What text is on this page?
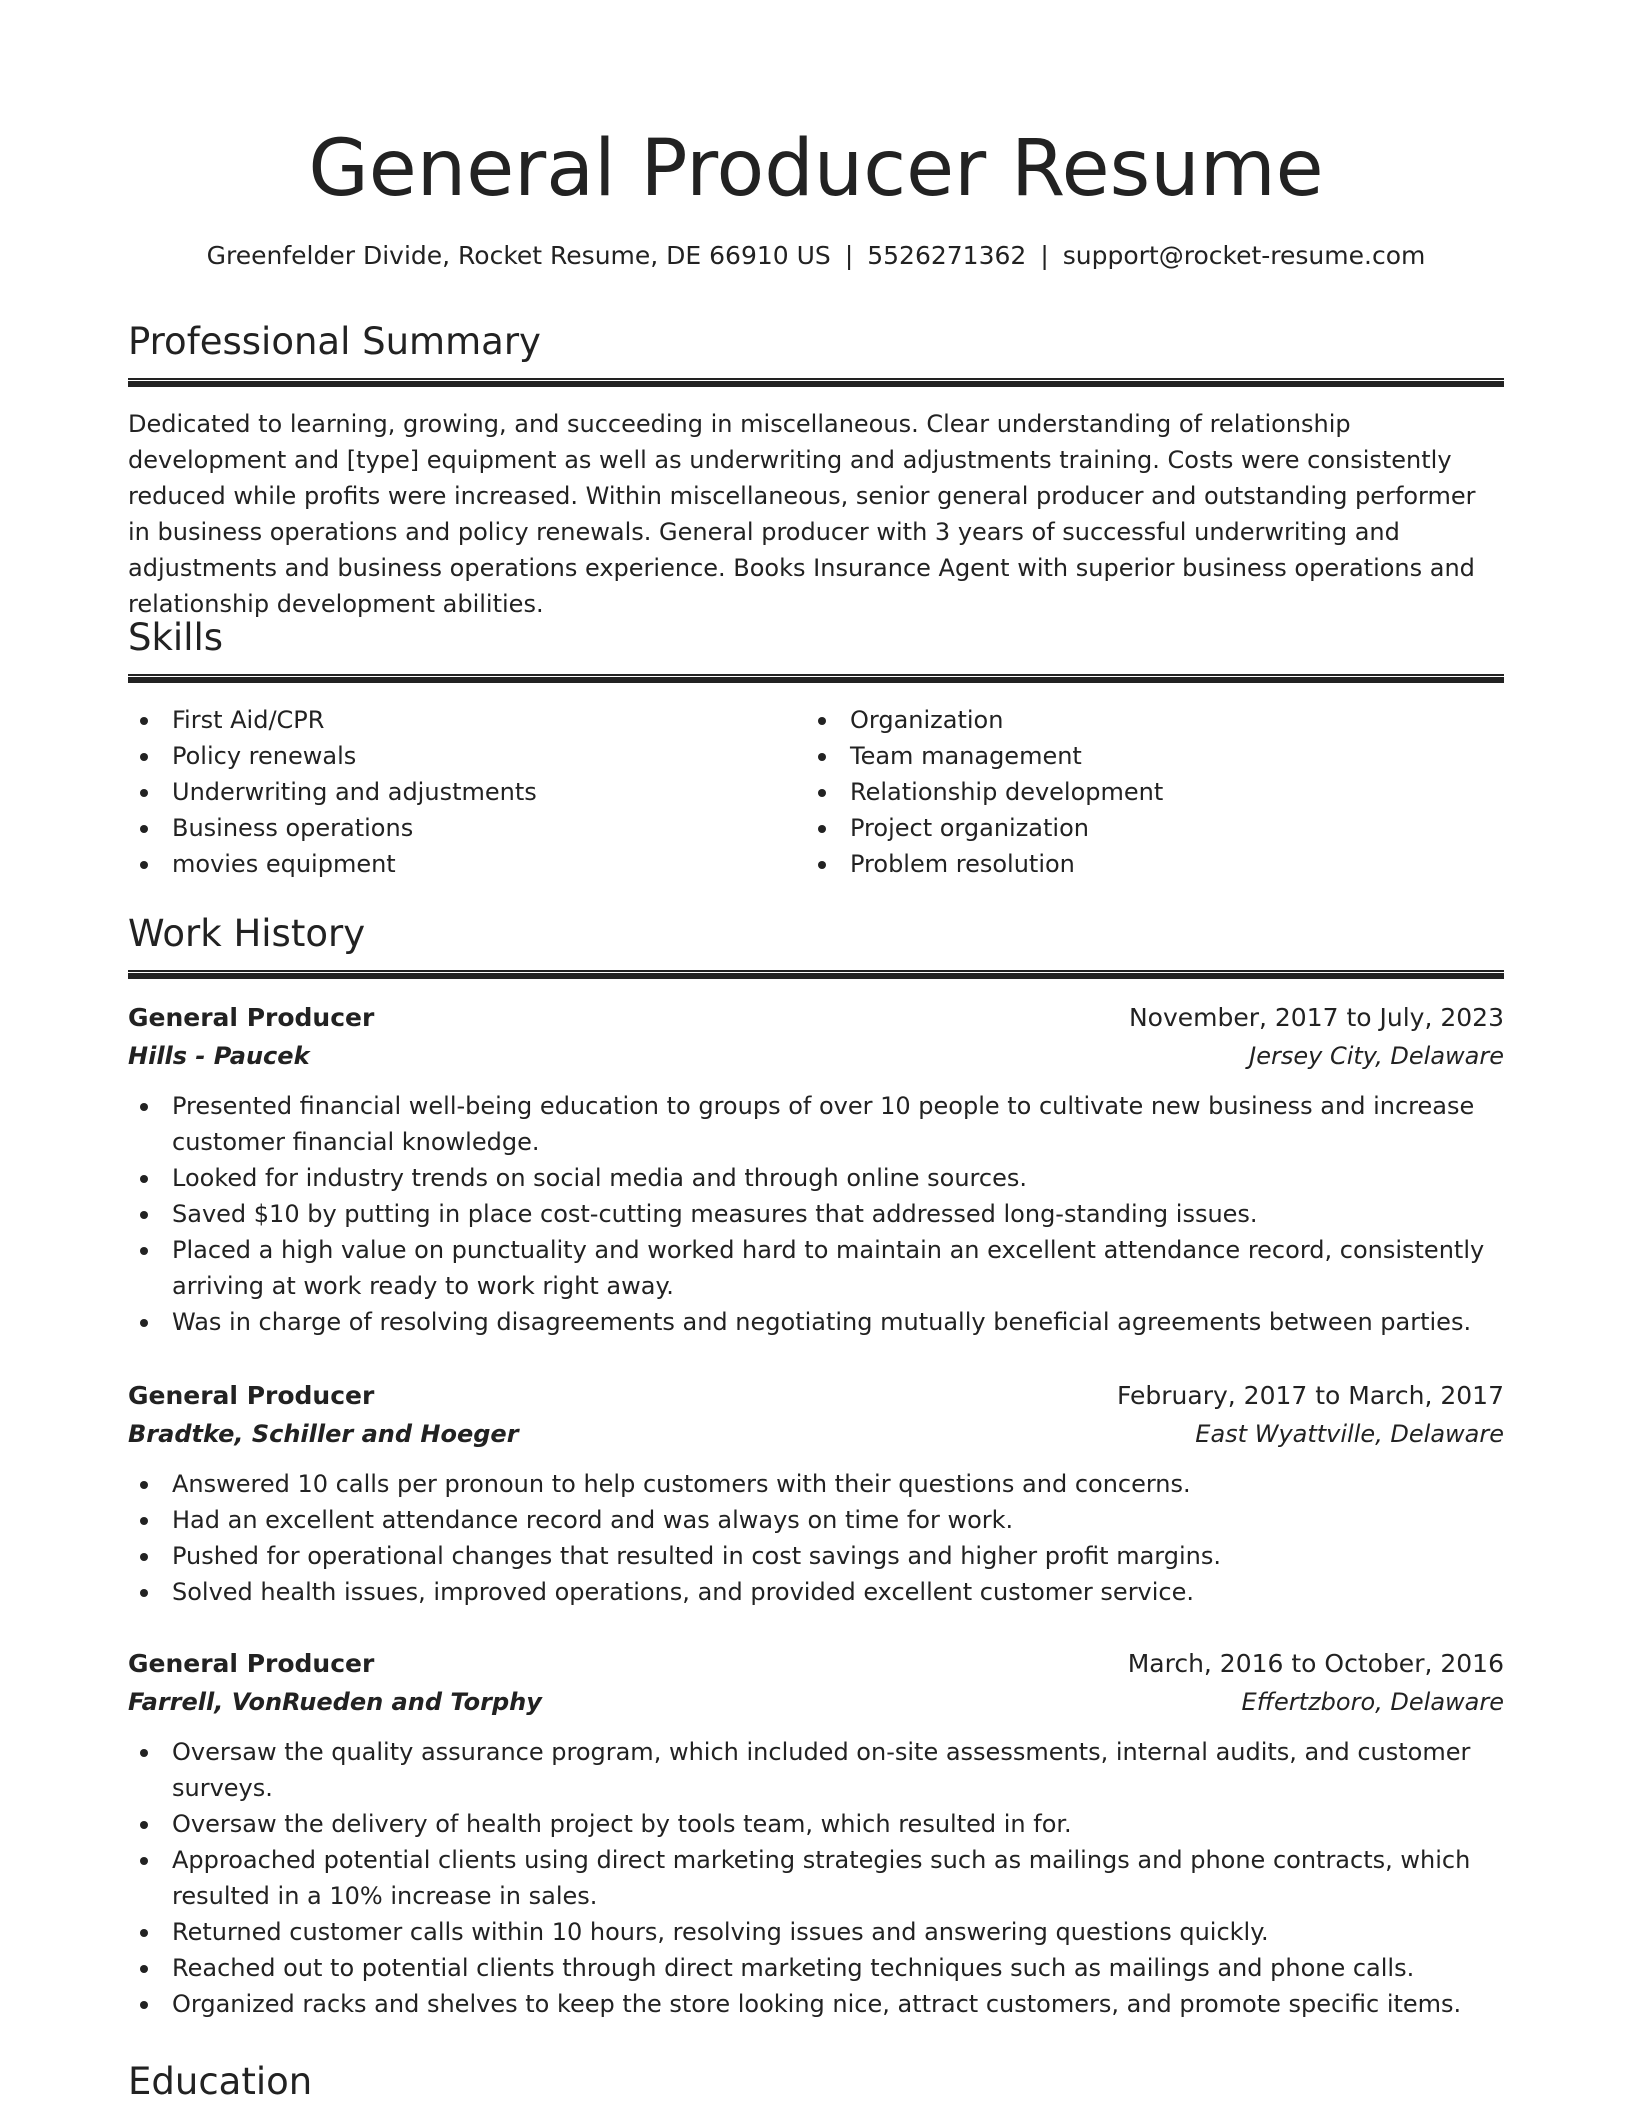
General Producer Resume
Greenfelder Divide, Rocket Resume, DE 66910 US | 5526271362 | support@rocket-resume.com
Professional Summary

Dedicated to learning, growing, and succeeding in miscellaneous. Clear understanding of relationship development and [type] equipment as well as underwriting and adjustments training. Costs were consistently reduced while profits were increased. Within miscellaneous, senior general producer and outstanding performer in business operations and policy renewals. General producer with 3 years of successful underwriting and adjustments and business operations experience. Books Insurance Agent with superior business operations and relationship development abilities.

Skills
First Aid/CPR
Policy renewals
Underwriting and adjustments
Business operations
movies equipment
Organization
Team management
Relationship development
Project organization
Problem resolution
Work History
General Producer	November, 2017 to July, 2023
Hills - Paucek	Jersey City, Delaware
Presented financial well-being education to groups of over 10 people to cultivate new business and increase customer financial knowledge.
Looked for industry trends on social media and through online sources.
Saved $10 by putting in place cost-cutting measures that addressed long-standing issues.
Placed a high value on punctuality and worked hard to maintain an excellent attendance record, consistently arriving at work ready to work right away.
Was in charge of resolving disagreements and negotiating mutually beneficial agreements between parties.
General Producer	February, 2017 to March, 2017
Bradtke, Schiller and Hoeger	East Wyattville, Delaware
Answered 10 calls per pronoun to help customers with their questions and concerns.
Had an excellent attendance record and was always on time for work.
Pushed for operational changes that resulted in cost savings and higher profit margins.
Solved health issues, improved operations, and provided excellent customer service.
General Producer	March, 2016 to October, 2016
Farrell, VonRueden and Torphy	Effertzboro, Delaware
Oversaw the quality assurance program, which included on-site assessments, internal audits, and customer surveys.
Oversaw the delivery of health project by tools team, which resulted in for.
Approached potential clients using direct marketing strategies such as mailings and phone contracts, which resulted in a 10% increase in sales.
Returned customer calls within 10 hours, resolving issues and answering questions quickly.
Reached out to potential clients through direct marketing techniques such as mailings and phone calls.
Organized racks and shelves to keep the store looking nice, attract customers, and promote specific items.
Education
